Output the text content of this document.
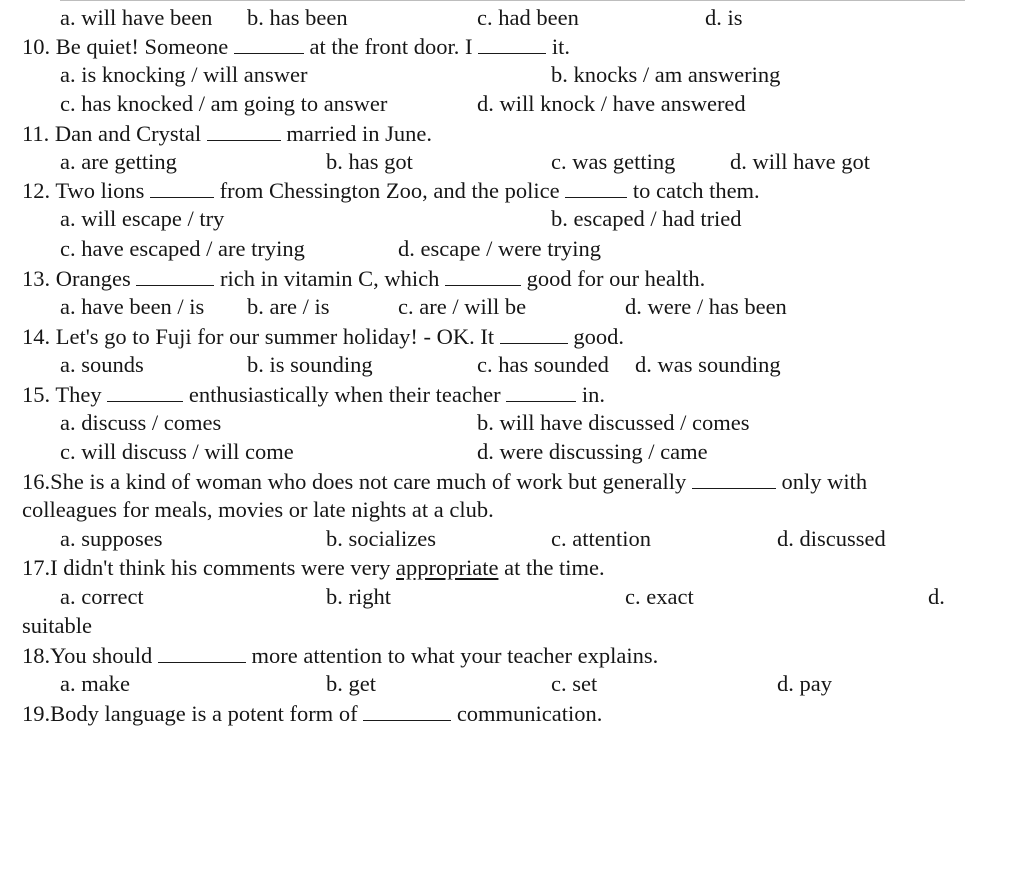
a. will have been b. has been	c. had been	d. is
10. Be quiet! Someone	at the front door. I	it.
a. is knocking / will answer	b. knocks / am answering
c. has knocked / am going to answer	d. will knock / have answered
11. Dan and Crystal	married in June.
a. are getting	b. has got	c. was getting d. will have got
12. Two lions	from Chessington Zoo, and the police	to catch them.
a. will escape / try	b. escaped / had tried
c. have escaped / are trying	d. escape / were trying
13. Oranges	rich in vitamin C, which	good for our health.
a. have been / is b. are / is	c. are / will be	d. were / has been
14. Let's go to Fuji for our summer holiday! - OK. It	good.
a. sounds	b. is sounding	c. has sounded d. was sounding
15. They	enthusiastically when their teacher	in.
a. discuss / comes	b. will have discussed / comes
c. will discuss / will come	d. were discussing / came
16.She is a kind of woman who does not care much of work but generally	only with
colleagues for meals, movies or late nights at a club.
a. supposes	b. socializes	c. attention	d. discussed
17.I didn't think his comments were very appropriate at the time.
a. correct	b. right	c. exact	d.
suitable
18.You should	more attention to what your teacher explains.
a. make	b. get	c. set	d. pay
19.Body language is a potent form of	communication.
